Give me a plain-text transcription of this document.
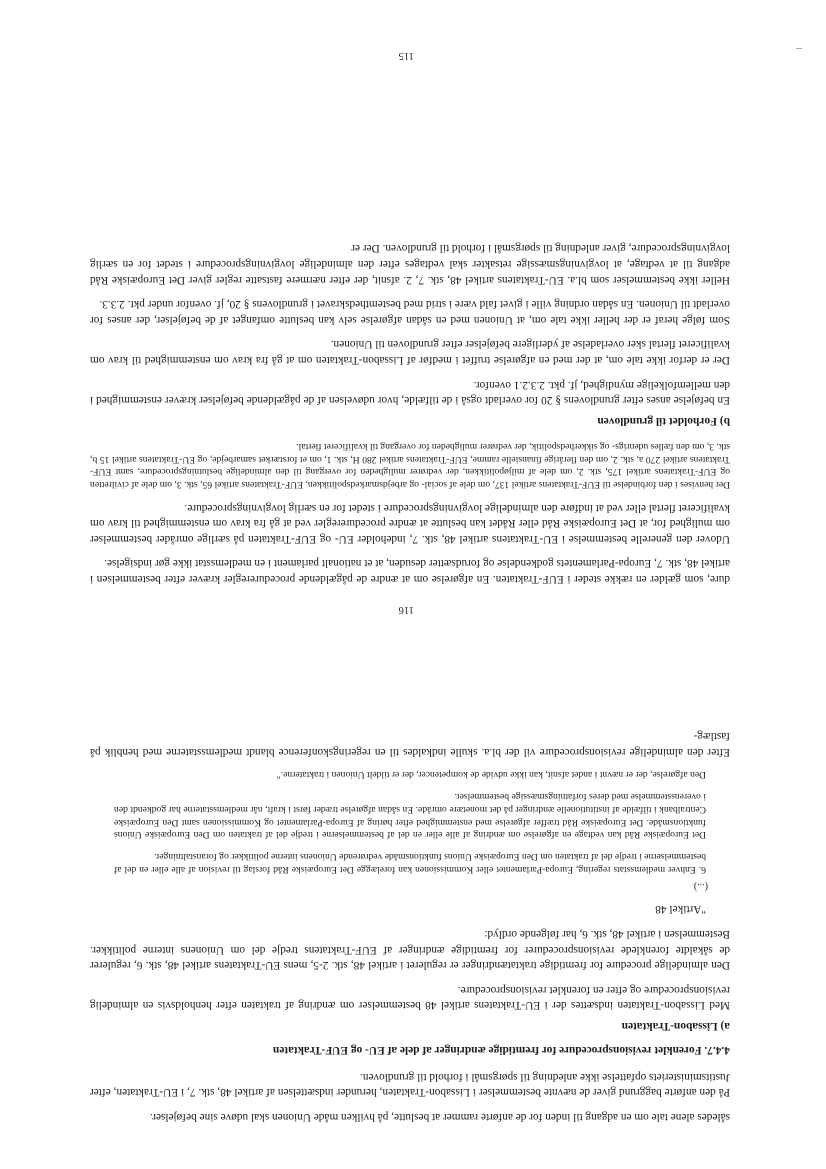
dure, som gælder en række steder i EUF-Traktaten. En afgørelse om at ændre de pågældende procedureregler kræver efter bestemmelsen i artikel 48, stk. 7, Europa-Parlamentets godkendelse og forudsætter desuden, at et nationalt parlament i en medlemsstat ikke gør indsigelse.

Udover den generelle bestemmelse i EU-Traktatens artikel 48, stk. 7, indeholder EU- og EUF-Traktaten på særlige områder bestemmelser om mulighed for, at Det Europæiske Råd eller Rådet kan beslutte at ændre procedureregler ved at gå fra krav om enstemmighed til krav om kvalificeret flertal eller ved at indføre den almindelige lovgivningsprocedure i stedet for en særlig lovgivningsprocedure.

Der henvises i den forbindelse til EUF-Traktatens artikel 137, om dele af social- og arbejdsmarkedspolitikken, EUF-Traktatens artikel 65, stk. 3, om dele af civilretten og EUF-Traktatens artikel 175, stk. 2, om dele af miljøpolitikken, der vedrører muligheden for overgang til den almindelige beslutningsprocedure, samt EUF-Traktatens artikel 270 a, stk. 2, om den flerårige finansielle ramme, EUF-Traktatens artikel 280 H, stk. 1, om et forstærket samarbejde, og EU-Traktatens artikel 15 b, stk. 3, om den fælles udenrigs- og sikkerhedspolitik, der vedrører muligheden for overgang til kvalificeret flertal.

b) Forholdet til grundloven

En beføjelse anses efter grundlovens § 20 for overladt også i de tilfælde, hvor udøvelsen af de pågældende beføjelser kræver enstemmighed i den mellemfolkelige myndighed, jf. pkt. 2.3.2.1 ovenfor.

Der er derfor ikke tale om, at der med en afgørelse truffet i medfør af Lissabon-Traktaten om at gå fra krav om enstemmighed til krav om kvalificeret flertal sker overladelse af yderligere beføjelser efter grundloven til Unionen.

Som følge heraf er der heller ikke tale om, at Unionen med en sådan afgørelse selv kan beslutte omfanget af de beføjelser, der anses for overladt til Unionen. En sådan ordning ville i givet fald være i strid med bestemthedskravet i grundlovens § 20, jf. ovenfor under pkt. 2.3.3.

Heller ikke bestemmelser som bl.a. EU-Traktatens artikel 48, stk. 7, 2. afsnit, der efter nærmere fastsatte regler giver Det Europæiske Råd adgang til at vedtage, at lovgivningsmæssige retsakter skal vedtages efter den almindelige lovgivningsprocedure i stedet for en særlig lovgivningsprocedure, giver anledning til spørgsmål i forhold til grundloven. Der er

115

således alene tale om en adgang til inden for de anførte rammer at beslutte, på hvilken måde Unionen skal udøve sine beføjelser.

På den anførte baggrund giver de nævnte bestemmelser i Lissabon-Traktaten, herunder indsættelsen af artikel 48, stk. 7, i EU-Traktaten, efter Justitsministeriets opfattelse ikke anledning til spørgsmål i forhold til grundloven.

4.4.7. Forenklet revisionsprocedure for fremtidige ændringer af dele af EU- og EUF-Traktaten
a) Lissabon-Traktaten

Med Lissabon-Traktaten indsættes der i EU-Traktatens artikel 48 bestemmelser om ændring af traktaten efter henholdsvis en almindelig revisionsprocedure og efter en forenklet revisionsprocedure.

Den almindelige procedure for fremtidige traktatændringer er reguleret i artikel 48, stk. 2-5, mens EU-Traktatens artikel 48, stk. 6, regulerer de såkaldte forenklede revisionsprocedurer for fremtidige ændringer af EUF-Traktatens tredje del om Unionens interne politikker. Bestemmelsen i artikel 48, stk. 6, har følgende ordlyd:

"Artikel 48
(...)

6. Enhver medlemsstats regering, Europa-Parlamentet eller Kommissionen kan forelægge Det Europæiske Råd forslag til revision af alle eller en del af bestemmelserne i tredje del af traktaten om Den Europæiske Unions funktionsmåde vedrørende Unionens interne politikker og foranstaltninger.

Det Europæiske Råd kan vedtage en afgørelse om ændring af alle eller en del af bestemmelserne i tredje del af traktaten om Den Europæiske Unions funktionsmåde. Det Europæiske Råd træffer afgørelse med enstemmighed efter høring af Europa-Parlamentet og Kommissionen samt Den Europæiske Centralbank i tilfælde af institutionelle ændringer på det monetære område. En sådan afgørelse træder først i kraft, når medlemsstaterne har godkendt den i overensstemmelse med deres forfatningsmæssige bestemmelser.

Den afgørelse, der er nævnt i andet afsnit, kan ikke udvide de kompetencer, der er tildelt Unionen i traktaterne."

Efter den almindelige revisionsprocedure vil der bl.a. skulle indkaldes til en regeringskonference blandt medlemsstaterne med henblik på fastlæg-

116
